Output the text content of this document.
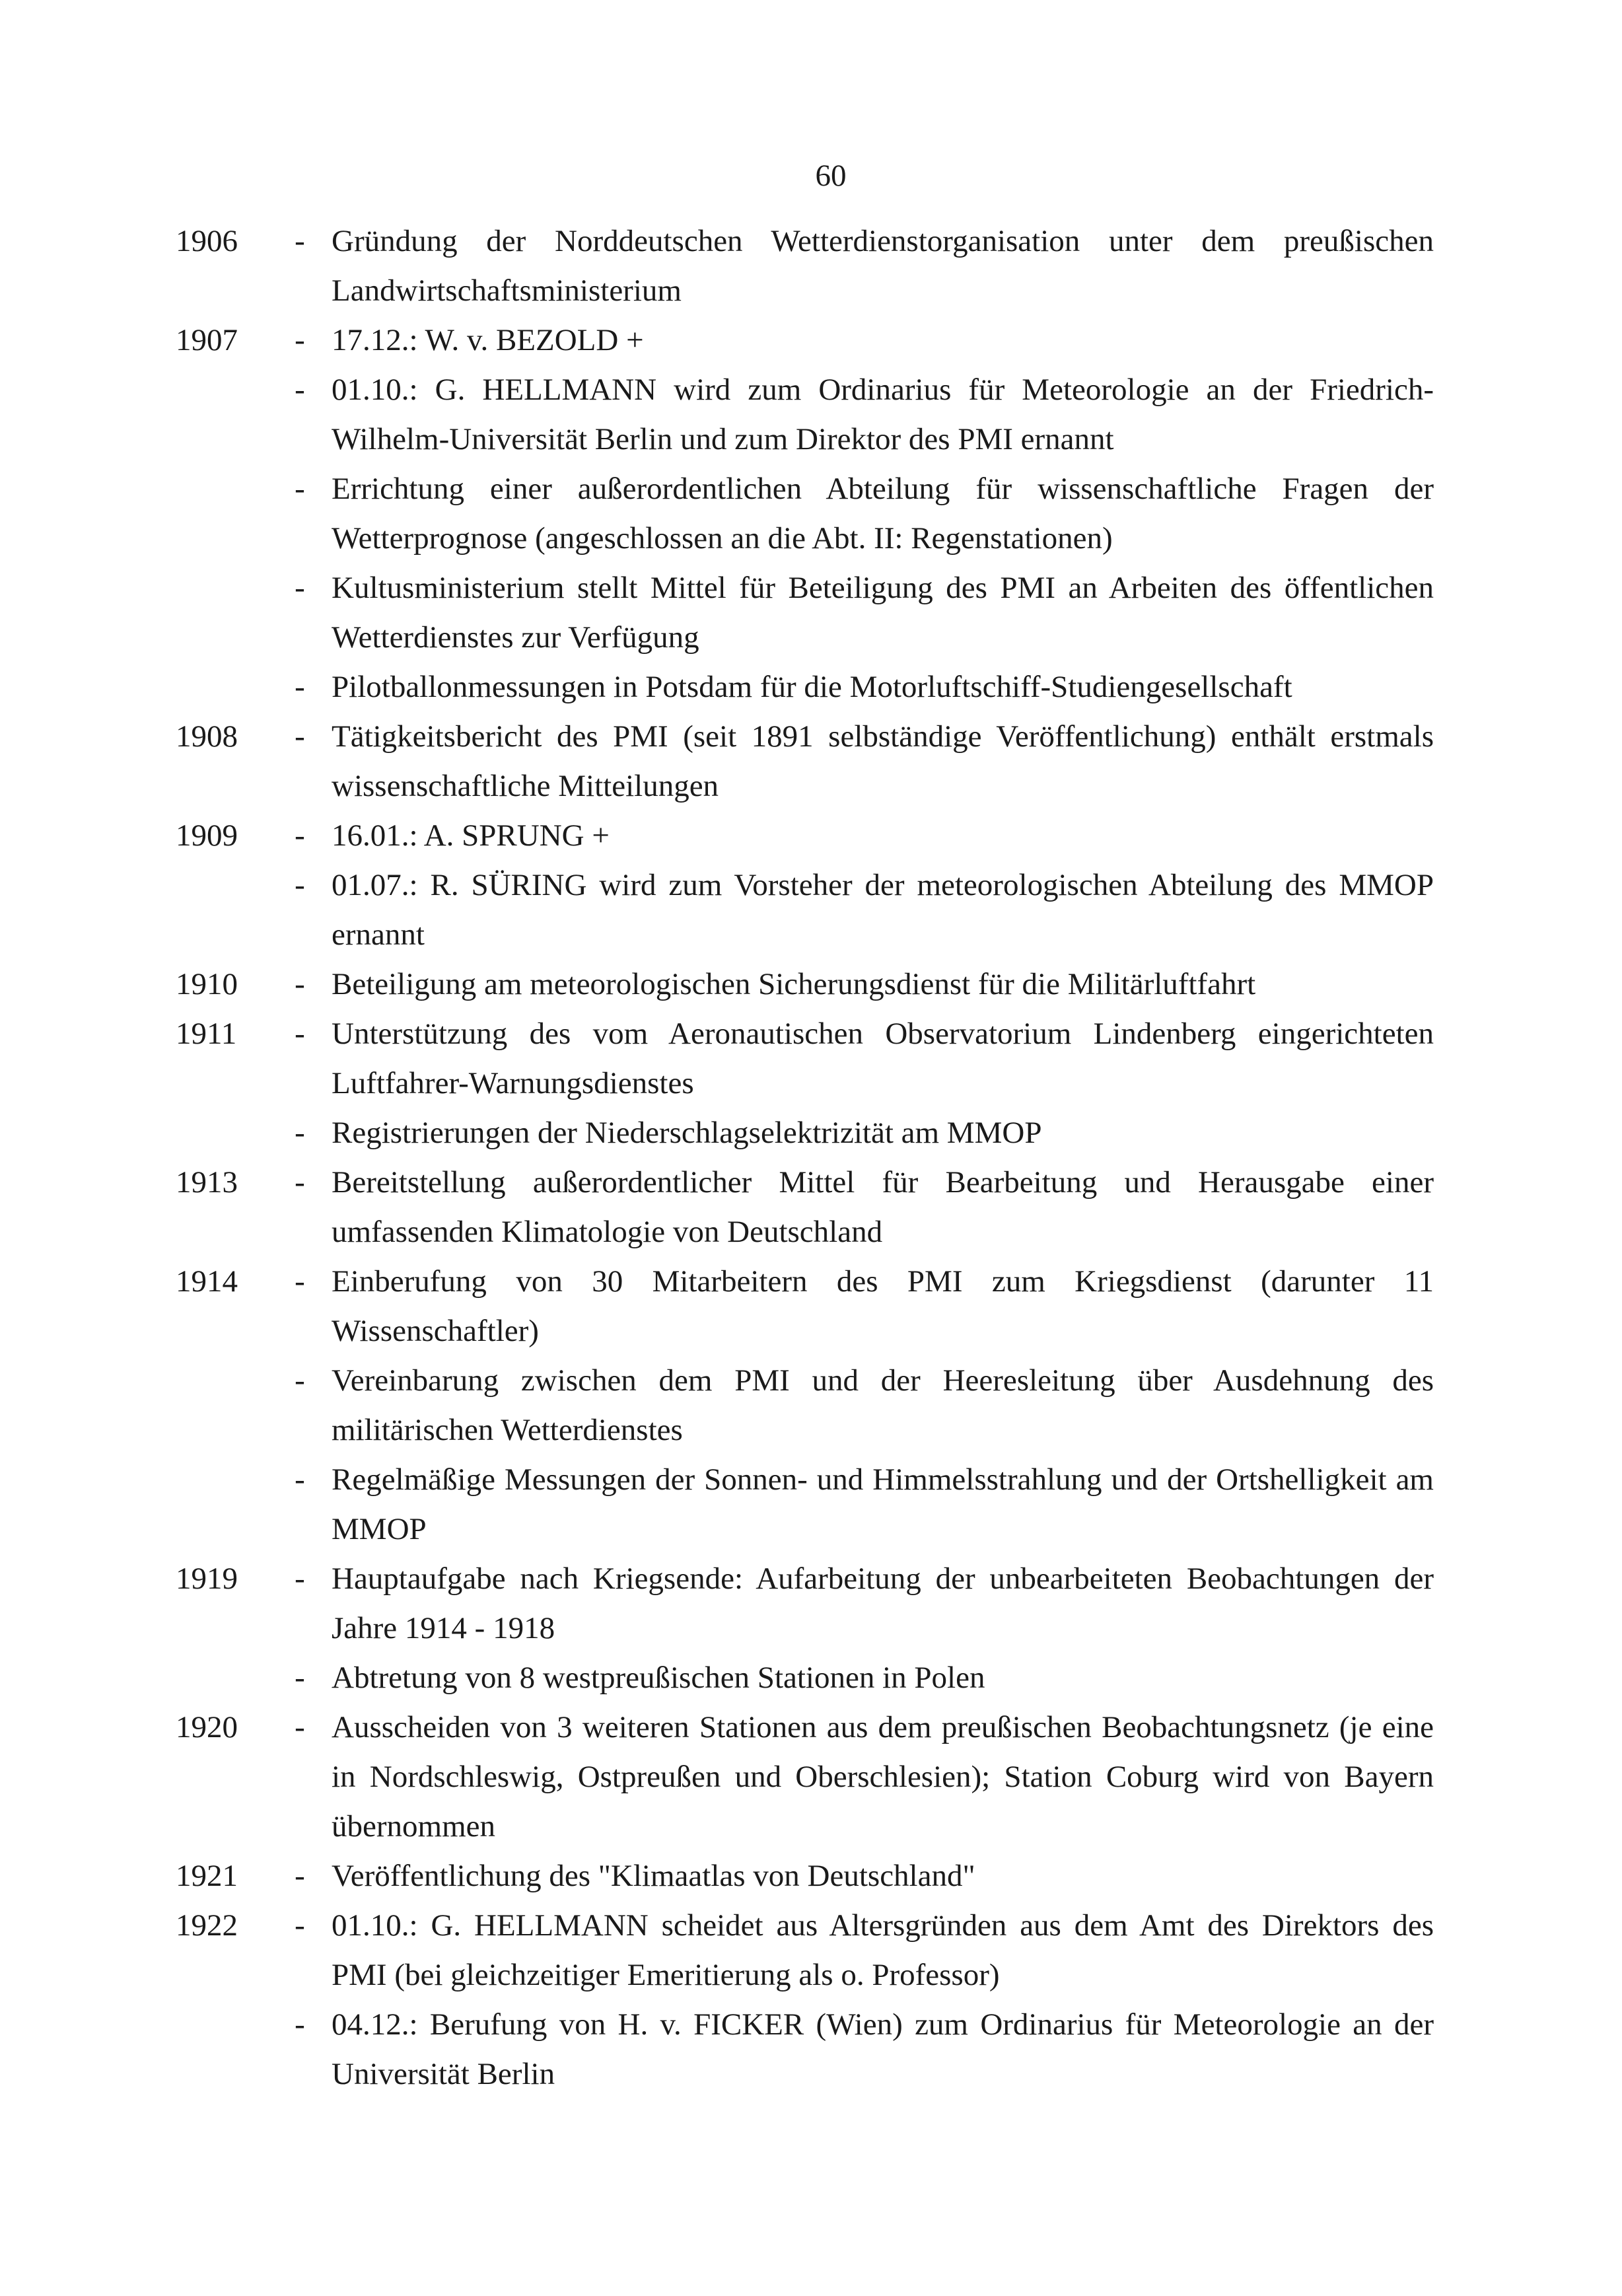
60
1906	- Gründung der Norddeutschen Wetterdienstorganisation unter dem preußischen Landwirtschaftsministerium
1907	- 17.12.: W. v. BEZOLD +
- 01.10.: G. HELLMANN wird zum Ordinarius für Meteorologie an der Friedrich-Wilhelm-Universität Berlin und zum Direktor des PMI ernannt
- Errichtung einer außerordentlichen Abteilung für wissenschaftliche Fragen der Wetterprognose (angeschlossen an die Abt. II: Regenstationen)
- Kultusministerium stellt Mittel für Beteiligung des PMI an Arbeiten des öffentlichen Wetterdienstes zur Verfügung
- Pilotballonmessungen in Potsdam für die Motorluftschiff-Studiengesellschaft
1908	- Tätigkeitsbericht des PMI (seit 1891 selbständige Veröffentlichung) enthält erstmals wissenschaftliche Mitteilungen
1909	- 16.01.: A. SPRUNG +
- 01.07.: R. SÜRING wird zum Vorsteher der meteorologischen Abteilung des MMOP ernannt
1910	- Beteiligung am meteorologischen Sicherungsdienst für die Militärluftfahrt
1911	- Unterstützung des vom Aeronautischen Observatorium Lindenberg eingerichteten Luftfahrer-Warnungsdienstes
- Registrierungen der Niederschlagselektrizität am MMOP
1913	- Bereitstellung außerordentlicher Mittel für Bearbeitung und Herausgabe einer umfassenden Klimatologie von Deutschland
1914	- Einberufung von 30 Mitarbeitern des PMI zum Kriegsdienst (darunter 11 Wissenschaftler)
- Vereinbarung zwischen dem PMI und der Heeresleitung über Ausdehnung des militärischen Wetterdienstes
- Regelmäßige Messungen der Sonnen- und Himmelsstrahlung und der Ortshelligkeit am MMOP
1919	- Hauptaufgabe nach Kriegsende: Aufarbeitung der unbearbeiteten Beobachtungen der Jahre 1914 - 1918
- Abtretung von 8 westpreußischen Stationen in Polen
1920	- Ausscheiden von 3 weiteren Stationen aus dem preußischen Beobachtungsnetz (je eine in Nordschleswig, Ostpreußen und Oberschlesien); Station Coburg wird von Bayern übernommen
1921	- Veröffentlichung des "Klimaatlas von Deutschland"
1922	- 01.10.: G. HELLMANN scheidet aus Altersgründen aus dem Amt des Direktors des PMI (bei gleichzeitiger Emeritierung als o. Professor)
- 04.12.: Berufung von H. v. FICKER (Wien) zum Ordinarius für Meteorologie an der Universität Berlin
